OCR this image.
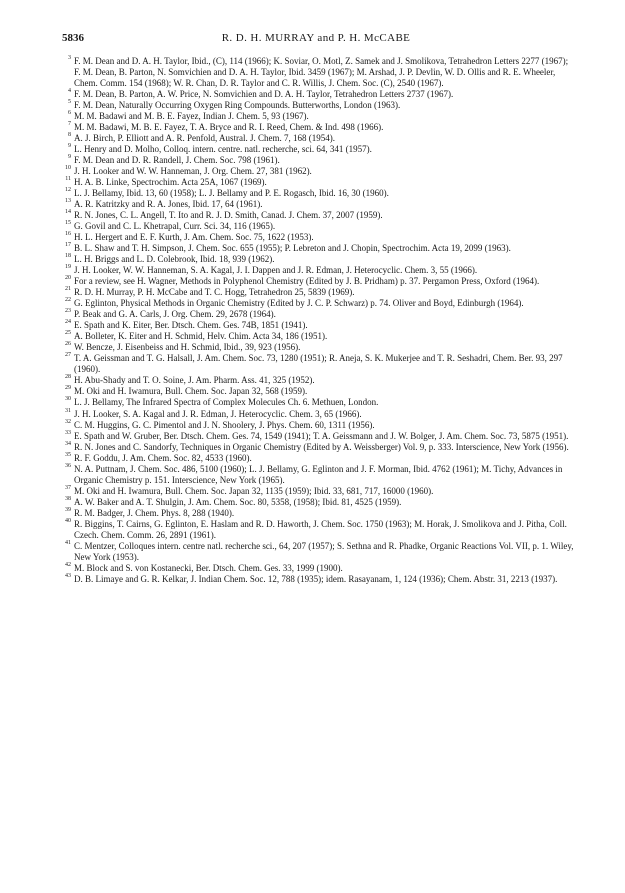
5836	R. D. H. MURRAY and P. H. McCABE
3 F. M. Dean and D. A. H. Taylor, Ibid., (C), 114 (1966); K. Soviar, O. Motl, Z. Samek and J. Smolikova, Tetrahedron Letters 2277 (1967); F. M. Dean, B. Parton, N. Somvichien and D. A. H. Taylor, Ibid. 3459 (1967); M. Arshad, J. P. Devlin, W. D. Ollis and R. E. Wheeler, Chem. Comm. 154 (1968); W. R. Chan, D. R. Taylor and C. R. Willis, J. Chem. Soc. (C), 2540 (1967).
4 F. M. Dean, B. Parton, A. W. Price, N. Somvichien and D. A. H. Taylor, Tetrahedron Letters 2737 (1967).
5 F. M. Dean, Naturally Occurring Oxygen Ring Compounds. Butterworths, London (1963).
6 M. M. Badawi and M. B. E. Fayez, Indian J. Chem. 5, 93 (1967).
7 M. M. Badawi, M. B. E. Fayez, T. A. Bryce and R. I. Reed, Chem. & Ind. 498 (1966).
8 A. J. Birch, P. Elliott and A. R. Penfold, Austral. J. Chem. 7, 168 (1954).
9 L. Henry and D. Molho, Colloq. intern. centre. natl. recherche, sci. 64, 341 (1957).
9 F. M. Dean and D. R. Randell, J. Chem. Soc. 798 (1961).
10 J. H. Looker and W. W. Hanneman, J. Org. Chem. 27, 381 (1962).
11 H. A. B. Linke, Spectrochim. Acta 25A, 1067 (1969).
12 L. J. Bellamy, Ibid. 13, 60 (1958); L. J. Bellamy and P. E. Rogasch, Ibid. 16, 30 (1960).
13 A. R. Katritzky and R. A. Jones, Ibid. 17, 64 (1961).
14 R. N. Jones, C. L. Angell, T. Ito and R. J. D. Smith, Canad. J. Chem. 37, 2007 (1959).
15 G. Govil and C. L. Khetrapal, Curr. Sci. 34, 116 (1965).
16 H. L. Hergert and E. F. Kurth, J. Am. Chem. Soc. 75, 1622 (1953).
17 B. L. Shaw and T. H. Simpson, J. Chem. Soc. 655 (1955); P. Lebreton and J. Chopin, Spectrochim. Acta 19, 2099 (1963).
18 L. H. Briggs and L. D. Colebrook, Ibid. 18, 939 (1962).
19 J. H. Looker, W. W. Hanneman, S. A. Kagal, J. I. Dappen and J. R. Edman, J. Heterocyclic. Chem. 3, 55 (1966).
20 For a review, see H. Wagner, Methods in Polyphenol Chemistry (Edited by J. B. Pridham) p. 37. Pergamon Press, Oxford (1964).
21 R. D. H. Murray, P. H. McCabe and T. C. Hogg, Tetrahedron 25, 5839 (1969).
22 G. Eglinton, Physical Methods in Organic Chemistry (Edited by J. C. P. Schwarz) p. 74. Oliver and Boyd, Edinburgh (1964).
23 P. Beak and G. A. Carls, J. Org. Chem. 29, 2678 (1964).
24 E. Spath and K. Eiter, Ber. Dtsch. Chem. Ges. 74B, 1851 (1941).
25 A. Bolleter, K. Eiter and H. Schmid, Helv. Chim. Acta 34, 186 (1951).
26 W. Bencze, J. Eisenbeiss and H. Schmid, Ibid., 39, 923 (1956).
27 T. A. Geissman and T. G. Halsall, J. Am. Chem. Soc. 73, 1280 (1951); R. Aneja, S. K. Mukerjee and T. R. Seshadri, Chem. Ber. 93, 297 (1960).
28 H. Abu-Shady and T. O. Soine, J. Am. Pharm. Ass. 41, 325 (1952).
29 M. Oki and H. Iwamura, Bull. Chem. Soc. Japan 32, 568 (1959).
30 L. J. Bellamy, The Infrared Spectra of Complex Molecules Ch. 6. Methuen, London.
31 J. H. Looker, S. A. Kagal and J. R. Edman, J. Heterocyclic. Chem. 3, 65 (1966).
32 C. M. Huggins, G. C. Pimentol and J. N. Shoolery, J. Phys. Chem. 60, 1311 (1956).
33 E. Spath and W. Gruber, Ber. Dtsch. Chem. Ges. 74, 1549 (1941); T. A. Geissmann and J. W. Bolger, J. Am. Chem. Soc. 73, 5875 (1951).
34 R. N. Jones and C. Sandorfy, Techniques in Organic Chemistry (Edited by A. Weissberger) Vol. 9, p. 333. Interscience, New York (1956).
35 R. F. Goddu, J. Am. Chem. Soc. 82, 4533 (1960).
36 N. A. Puttnam, J. Chem. Soc. 486, 5100 (1960); L. J. Bellamy, G. Eglinton and J. F. Morman, Ibid. 4762 (1961); M. Tichy, Advances in Organic Chemistry p. 151. Interscience, New York (1965).
37 M. Oki and H. Iwamura, Bull. Chem. Soc. Japan 32, 1135 (1959); Ibid. 33, 681, 717, 16000 (1960).
38 A. W. Baker and A. T. Shulgin, J. Am. Chem. Soc. 80, 5358, (1958); Ibid. 81, 4525 (1959).
39 R. M. Badger, J. Chem. Phys. 8, 288 (1940).
40 R. Biggins, T. Cairns, G. Eglinton, E. Haslam and R. D. Haworth, J. Chem. Soc. 1750 (1963); M. Horak, J. Smolikova and J. Pitha, Coll. Czech. Chem. Comm. 26, 2891 (1961).
41 C. Mentzer, Colloques intern. centre natl. recherche sci., 64, 207 (1957); S. Sethna and R. Phadke, Organic Reactions Vol. VII, p. 1. Wiley, New York (1953).
42 M. Block and S. von Kostanecki, Ber. Dtsch. Chem. Ges. 33, 1999 (1900).
43 D. B. Limaye and G. R. Kelkar, J. Indian Chem. Soc. 12, 788 (1935); idem. Rasayanam, 1, 124 (1936); Chem. Abstr. 31, 2213 (1937).
